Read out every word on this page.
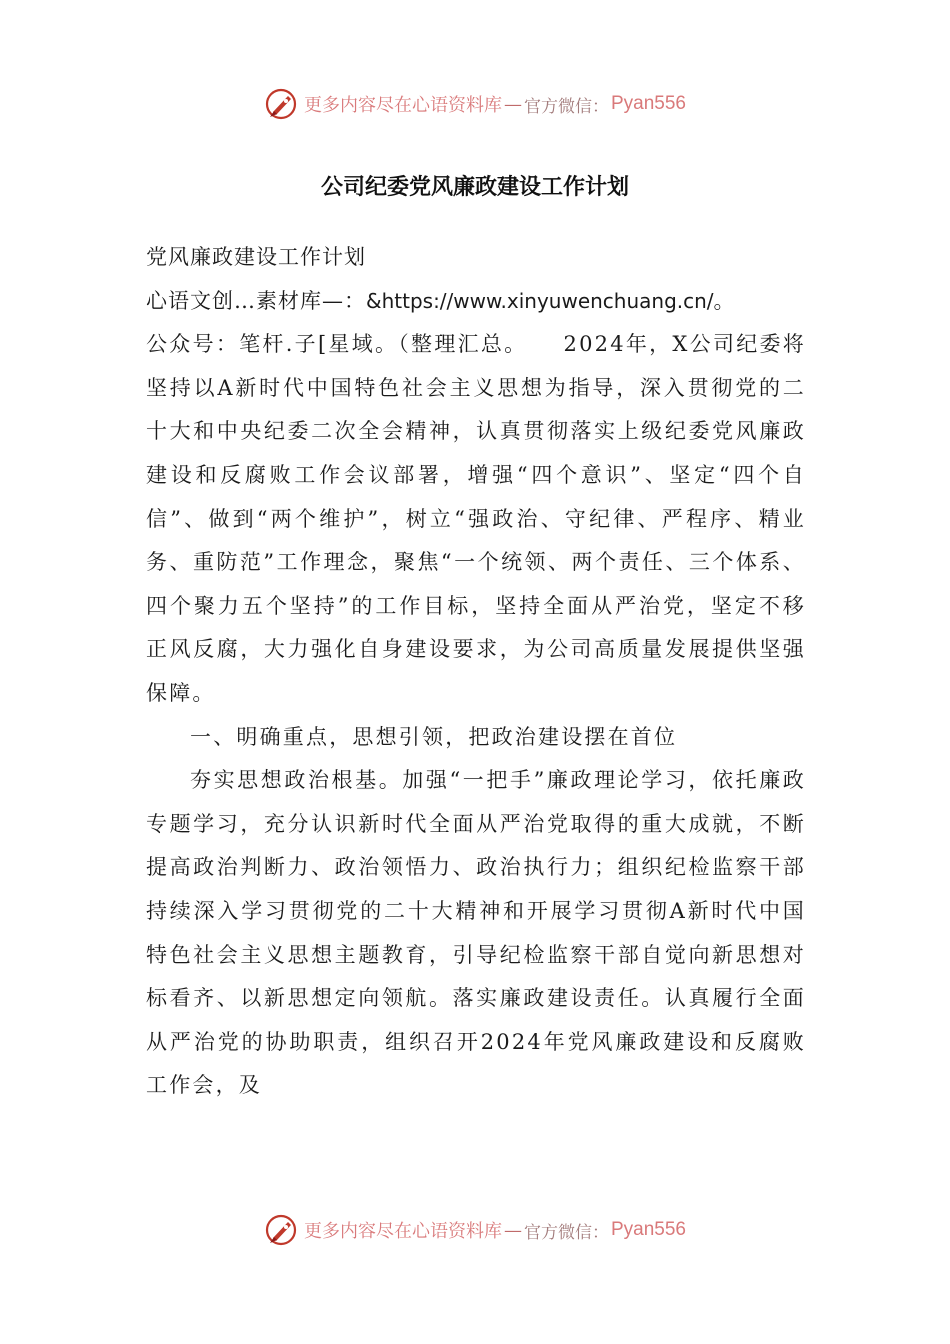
更多内容尽在心语资料库 — 官方微信： Pyan556
公司纪委党风廉政建设工作计划

党风廉政建设工作计划

心语文创…素材库—：&https://www.xinyuwenchuang.cn/。

公众号：笔杆.子[星域。（整理汇总。　　2024年，X公司纪委将坚持以A新时代中国特色社会主义思想为指导，深入贯彻党的二十大和中央纪委二次全会精神，认真贯彻落实上级纪委党风廉政建设和反腐败工作会议部署，增强“四个意识”、坚定“四个自信”、做到“两个维护”，树立“强政治、守纪律、严程序、精业务、重防范”工作理念，聚焦“一个统领、两个责任、三个体系、四个聚力五个坚持”的工作目标，坚持全面从严治党，坚定不移正风反腐，大力强化自身建设要求，为公司高质量发展提供坚强保障。

一、明确重点，思想引领，把政治建设摆在首位

夯实思想政治根基。加强“一把手”廉政理论学习，依托廉政专题学习，充分认识新时代全面从严治党取得的重大成就，不断提高政治判断力、政治领悟力、政治执行力；组织纪检监察干部持续深入学习贯彻党的二十大精神和开展学习贯彻A新时代中国特色社会主义思想主题教育，引导纪检监察干部自觉向新思想对标看齐、以新思想定向领航。落实廉政建设责任。认真履行全面从严治党的协助职责，组织召开2024年党风廉政建设和反腐败工作会，及

更多内容尽在心语资料库 — 官方微信： Pyan556
